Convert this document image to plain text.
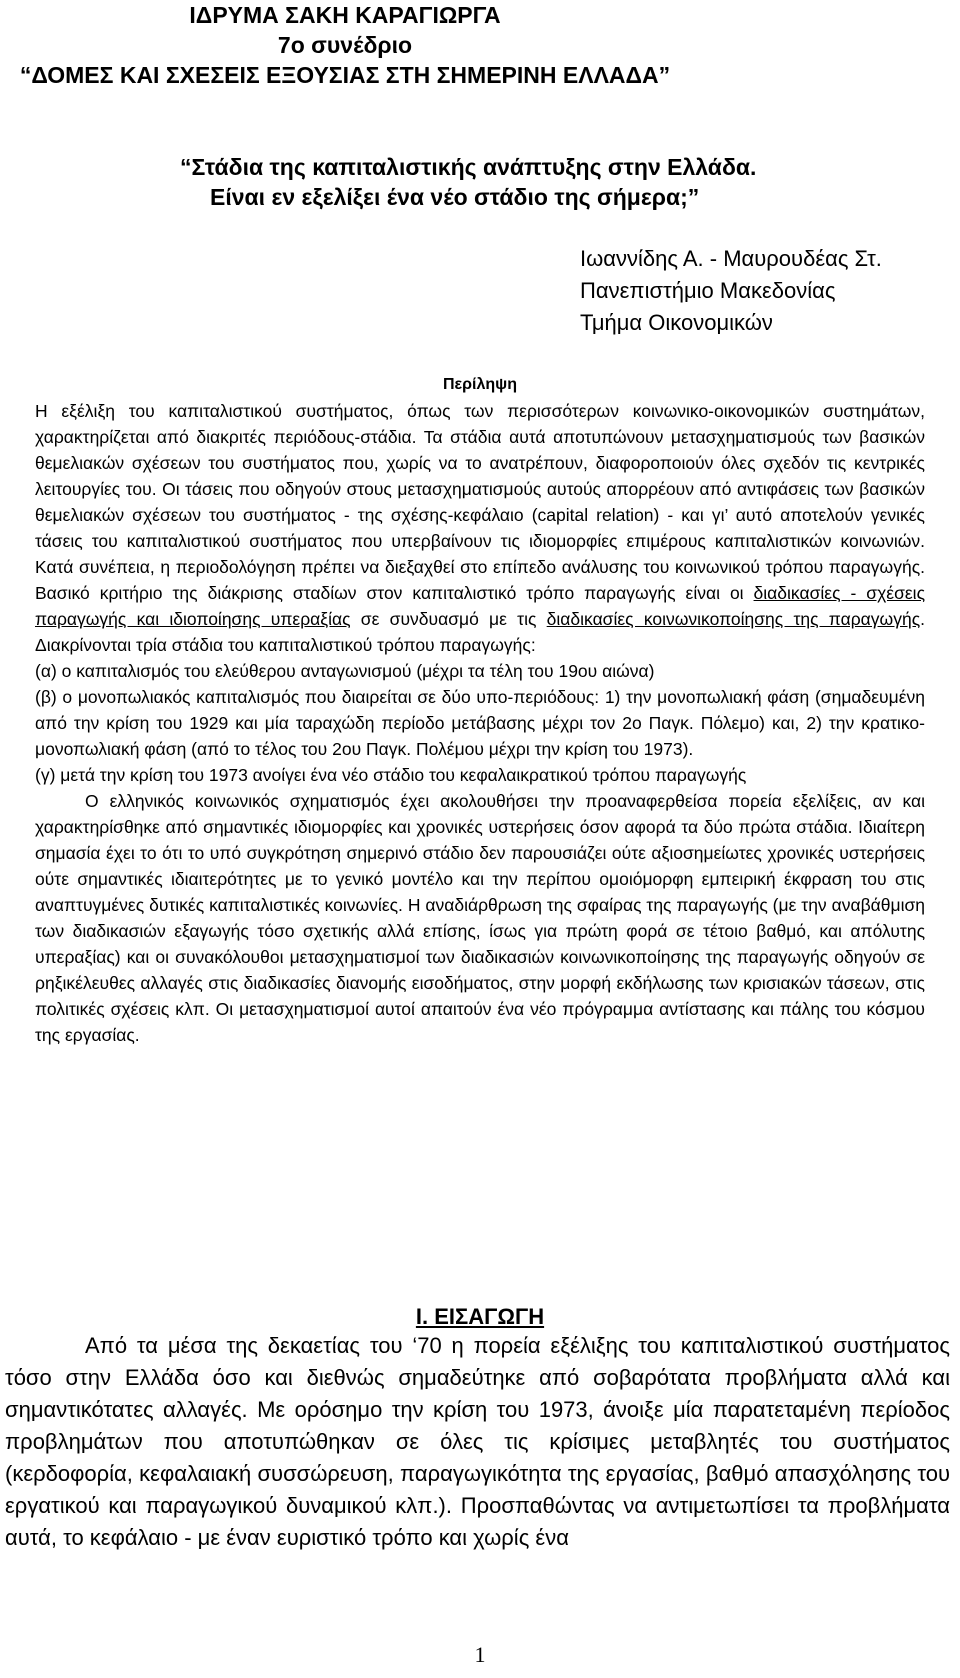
ΙΔΡΥΜΑ ΣΑΚΗ ΚΑΡΑΓΙΩΡΓΑ
7ο συνέδριο
“ΔΟΜΕΣ ΚΑΙ ΣΧΕΣΕΙΣ ΕΞΟΥΣΙΑΣ ΣΤΗ ΣΗΜΕΡΙΝΗ ΕΛΛΑΔΑ”
“Στάδια της καπιταλιστικής ανάπτυξης στην Ελλάδα.
Είναι εν εξελίξει ένα νέο στάδιο της σήμερα;”
Ιωαννίδης Α. - Μαυρουδέας Στ.
Πανεπιστήμιο Μακεδονίας
Τμήμα Οικονομικών
Περίληψη

Η εξέλιξη του καπιταλιστικού συστήματος, όπως των περισσότερων κοινωνικο-οικονομικών συστημάτων, χαρακτηρίζεται από διακριτές περιόδους-στάδια. Τα στάδια αυτά αποτυπώνουν μετασχηματισμούς των βασικών θεμελιακών σχέσεων του συστήματος που, χωρίς να το ανατρέπουν, διαφοροποιούν όλες σχεδόν τις κεντρικές λειτουργίες του. Οι τάσεις που οδηγούν στους μετασχηματισμούς αυτούς απορρέουν από αντιφάσεις των βασικών θεμελιακών σχέσεων του συστήματος - της σχέσης-κεφάλαιο (capital relation) - και γι’ αυτό αποτελούν γενικές τάσεις του καπιταλιστικού συστήματος που υπερβαίνουν τις ιδιομορφίες επιμέρους καπιταλιστικών κοινωνιών. Κατά συνέπεια, η περιοδολόγηση πρέπει να διεξαχθεί στο επίπεδο ανάλυσης του κοινωνικού τρόπου παραγωγής. Βασικό κριτήριο της διάκρισης σταδίων στον καπιταλιστικό τρόπο παραγωγής είναι οι διαδικασίες - σχέσεις παραγωγής και ιδιοποίησης υπεραξίας σε συνδυασμό με τις διαδικασίες κοινωνικοποίησης της παραγωγής. Διακρίνονται τρία στάδια του καπιταλιστικού τρόπου παραγωγής:

(α) ο καπιταλισμός του ελεύθερου ανταγωνισμού (μέχρι τα τέλη του 19ου αιώνα)

(β) ο μονοπωλιακός καπιταλισμός που διαιρείται σε δύο υπο-περιόδους: 1) την μονοπωλιακή φάση (σημαδευμένη από την κρίση του 1929 και μία ταραχώδη περίοδο μετάβασης μέχρι τον 2ο Παγκ. Πόλεμο) και, 2) την κρατικο-μονοπωλιακή φάση (από το τέλος του 2ου Παγκ. Πολέμου μέχρι την κρίση του 1973).

(γ) μετά την κρίση του 1973 ανοίγει ένα νέο στάδιο του κεφαλαικρατικού τρόπου παραγωγής

Ο ελληνικός κοινωνικός σχηματισμός έχει ακολουθήσει την προαναφερθείσα πορεία εξελίξεις, αν και χαρακτηρίσθηκε από σημαντικές ιδιομορφίες και χρονικές υστερήσεις όσον αφορά τα δύο πρώτα στάδια. Ιδιαίτερη σημασία έχει το ότι το υπό συγκρότηση σημερινό στάδιο δεν παρουσιάζει ούτε αξιοσημείωτες χρονικές υστερήσεις ούτε σημαντικές ιδιαιτερότητες με το γενικό μοντέλο και την περίπου ομοιόμορφη εμπειρική έκφραση του στις αναπτυγμένες δυτικές καπιταλιστικές κοινωνίες. Η αναδιάρθρωση της σφαίρας της παραγωγής (με την αναβάθμιση των διαδικασιών εξαγωγής τόσο σχετικής αλλά επίσης, ίσως για πρώτη φορά σε τέτοιο βαθμό, και απόλυτης υπεραξίας) και οι συνακόλουθοι μετασχηματισμοί των διαδικασιών κοινωνικοποίησης της παραγωγής οδηγούν σε ρηξικέλευθες αλλαγές στις διαδικασίες διανομής εισοδήματος, στην μορφή εκδήλωσης των κρισιακών τάσεων, στις πολιτικές σχέσεις κλπ. Οι μετασχηματισμοί αυτοί απαιτούν ένα νέο πρόγραμμα αντίστασης και πάλης του κόσμου της εργασίας.

Ι. ΕΙΣΑΓΩΓΗ

Από τα μέσα της δεκαετίας του ‘70 η πορεία εξέλιξης του καπιταλιστικού συστήματος τόσο στην Ελλάδα όσο και διεθνώς σημαδεύτηκε από σοβαρότατα προβλήματα αλλά και σημαντικότατες αλλαγές. Με ορόσημο την κρίση του 1973, άνοιξε μία παρατεταμένη περίοδος προβλημάτων που αποτυπώθηκαν σε όλες τις κρίσιμες μεταβλητές του συστήματος (κερδοφορία, κεφαλαιακή συσσώρευση, παραγωγικότητα της εργασίας, βαθμό απασχόλησης του εργατικού και παραγωγικού δυναμικού κλπ.). Προσπαθώντας να αντιμετωπίσει τα προβλήματα αυτά, το κεφάλαιο - με έναν ευριστικό τρόπο και χωρίς ένα

1
